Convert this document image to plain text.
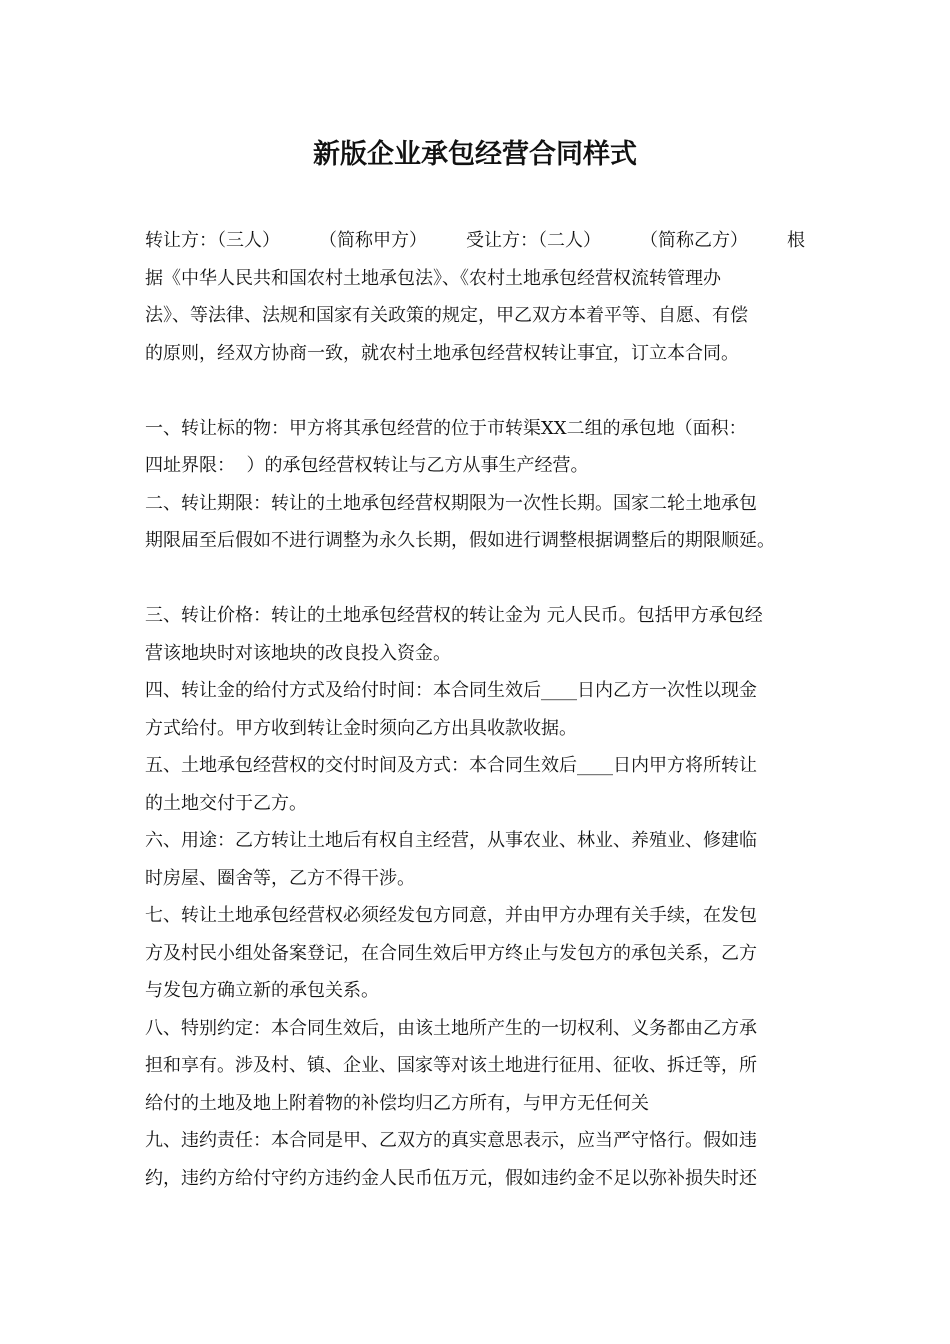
新版企业承包经营合同样式
转让方：（三人） （简称甲方） 受让方：（二人） （简称乙方） 根
据《中华人民共和国农村土地承包法》、《农村土地承包经营权流转管理办
法》、等法律、法规和国家有关政策的规定，甲乙双方本着平等、自愿、有偿
的原则，经双方协商一致，就农村土地承包经营权转让事宜，订立本合同。
一、转让标的物：甲方将其承包经营的位于市转渠XX二组的承包地（面积：
四址界限：  ）的承包经营权转让与乙方从事生产经营。
二、转让期限：转让的土地承包经营权期限为一次性长期。国家二轮土地承包
期限届至后假如不进行调整为永久长期，假如进行调整根据调整后的期限顺延。
三、转让价格：转让的土地承包经营权的转让金为 元人民币。包括甲方承包经
营该地块时对该地块的改良投入资金。
四、转让金的给付方式及给付时间：本合同生效后____日内乙方一次性以现金
方式给付。甲方收到转让金时须向乙方出具收款收据。
五、土地承包经营权的交付时间及方式：本合同生效后____日内甲方将所转让
的土地交付于乙方。
六、用途：乙方转让土地后有权自主经营，从事农业、林业、养殖业、修建临
时房屋、圈舍等，乙方不得干涉。
七、转让土地承包经营权必须经发包方同意，并由甲方办理有关手续，在发包
方及村民小组处备案登记，在合同生效后甲方终止与发包方的承包关系，乙方
与发包方确立新的承包关系。
八、特别约定：本合同生效后，由该土地所产生的一切权利、义务都由乙方承
担和享有。涉及村、镇、企业、国家等对该土地进行征用、征收、拆迁等，所
给付的土地及地上附着物的补偿均归乙方所有，与甲方无任何关
九、违约责任：本合同是甲、乙双方的真实意思表示，应当严守恪行。假如违
约，违约方给付守约方违约金人民币伍万元，假如违约金不足以弥补损失时还
